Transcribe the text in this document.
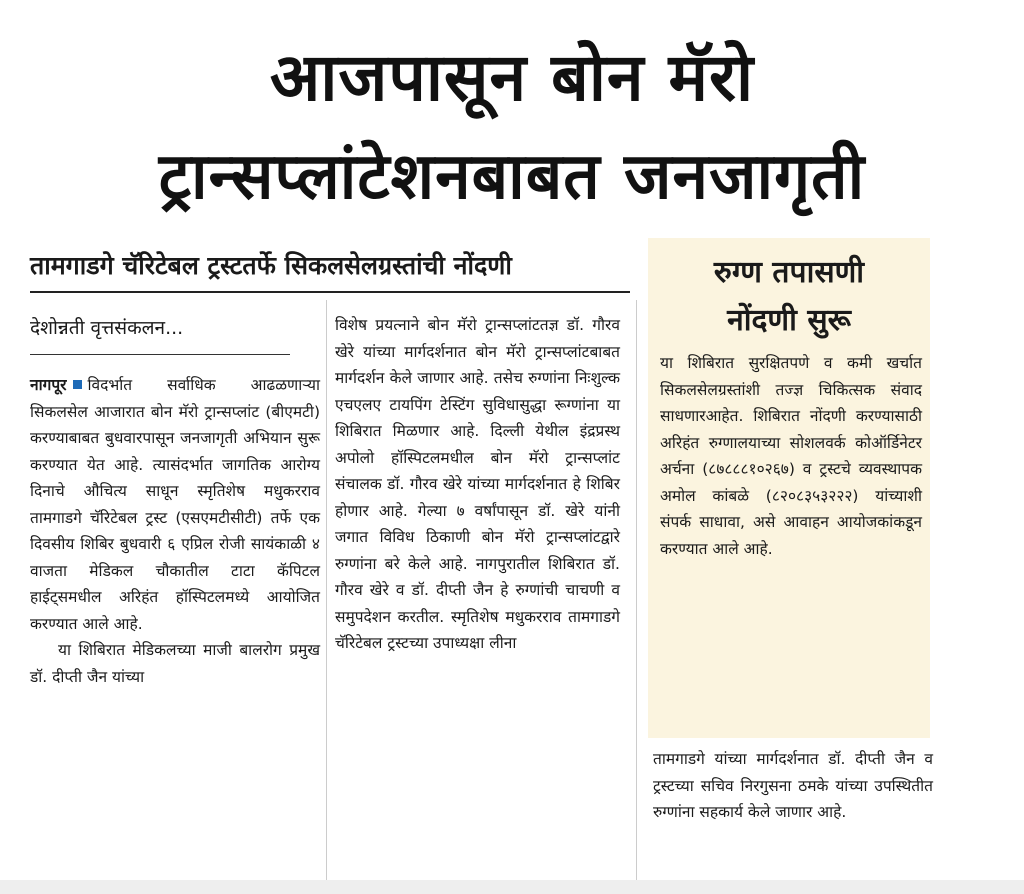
आजपासून बोन मॅरो
ट्रान्सप्लांटेशनबाबत जनजागृती
तामगाडगे चॅरिटेबल ट्रस्टतर्फे सिकलसेलग्रस्तांची नोंदणी
देशोन्नती वृत्तसंकलन...

नागपूर विदर्भात सर्वाधिक आढळणाऱ्या सिकलसेल आजारात बोन मॅरो ट्रान्सप्लांट (बीएमटी) करण्याबाबत बुधवारपासून जनजागृती अभियान सुरू करण्यात येत आहे. त्यासंदर्भात जागतिक आरोग्य दिनाचे औचित्य साधून स्मृतिशेष मधुकरराव तामगाडगे चॅरिटेबल ट्रस्ट (एसएमटीसीटी) तर्फे एक दिवसीय शिबिर बुधवारी ६ एप्रिल रोजी सायंकाळी ४ वाजता मेडिकल चौकातील टाटा कॅपिटल हाईट्समधील अरिहंत हॉस्पिटलमध्ये आयोजित करण्यात आले आहे.

या शिबिरात मेडिकलच्या माजी बालरोग प्रमुख डॉ. दीप्ती जैन यांच्या

विशेष प्रयत्नाने बोन मॅरो ट्रान्सप्लांटतज्ञ डॉ. गौरव खेरे यांच्या मार्गदर्शनात बोन मॅरो ट्रान्सप्लांटबाबत मार्गदर्शन केले जाणार आहे. तसेच रुग्णांना निःशुल्क एचएलए टायपिंग टेस्टिंग सुविधासुद्धा रूग्णांना या शिबिरात मिळणार आहे. दिल्ली येथील इंद्रप्रस्थ अपोलो हॉस्पिटलमधील बोन मॅरो ट्रान्सप्लांट संचालक डॉ. गौरव खेरे यांच्या मार्गदर्शनात हे शिबिर होणार आहे. गेल्या ७ वर्षांपासून डॉ. खेरे यांनी जगात विविध ठिकाणी बोन मॅरो ट्रान्सप्लांटद्वारे रुग्णांना बरे केले आहे. नागपुरातील शिबिरात डॉ. गौरव खेरे व डॉ. दीप्ती जैन हे रुग्णांची चाचणी व समुपदेशन करतील. स्मृतिशेष मधुकरराव तामगाडगे चॅरिटेबल ट्रस्टच्या उपाध्यक्षा लीना

रुग्ण तपासणी
नोंदणी सुरू
या शिबिरात सुरक्षितपणे व कमी खर्चात सिकलसेलग्रस्तांशी तज्ज्ञ चिकित्सक संवाद साधणारआहेत. शिबिरात नोंदणी करण्यासाठी अरिहंत रुग्णालयाच्या सोशलवर्क कोऑर्डिनेटर अर्चना (८७८८८१०२६७) व ट्रस्टचे व्यवस्थापक अमोल कांबळे (८२०८३५३२२२) यांच्याशी संपर्क साधावा, असे आवाहन आयोजकांकडून करण्यात आले आहे.

तामगाडगे यांच्या मार्गदर्शनात डॉ. दीप्ती जैन व ट्रस्टच्या सचिव निरगुसना ठमके यांच्या उपस्थितीत रुग्णांना सहकार्य केले जाणार आहे.
